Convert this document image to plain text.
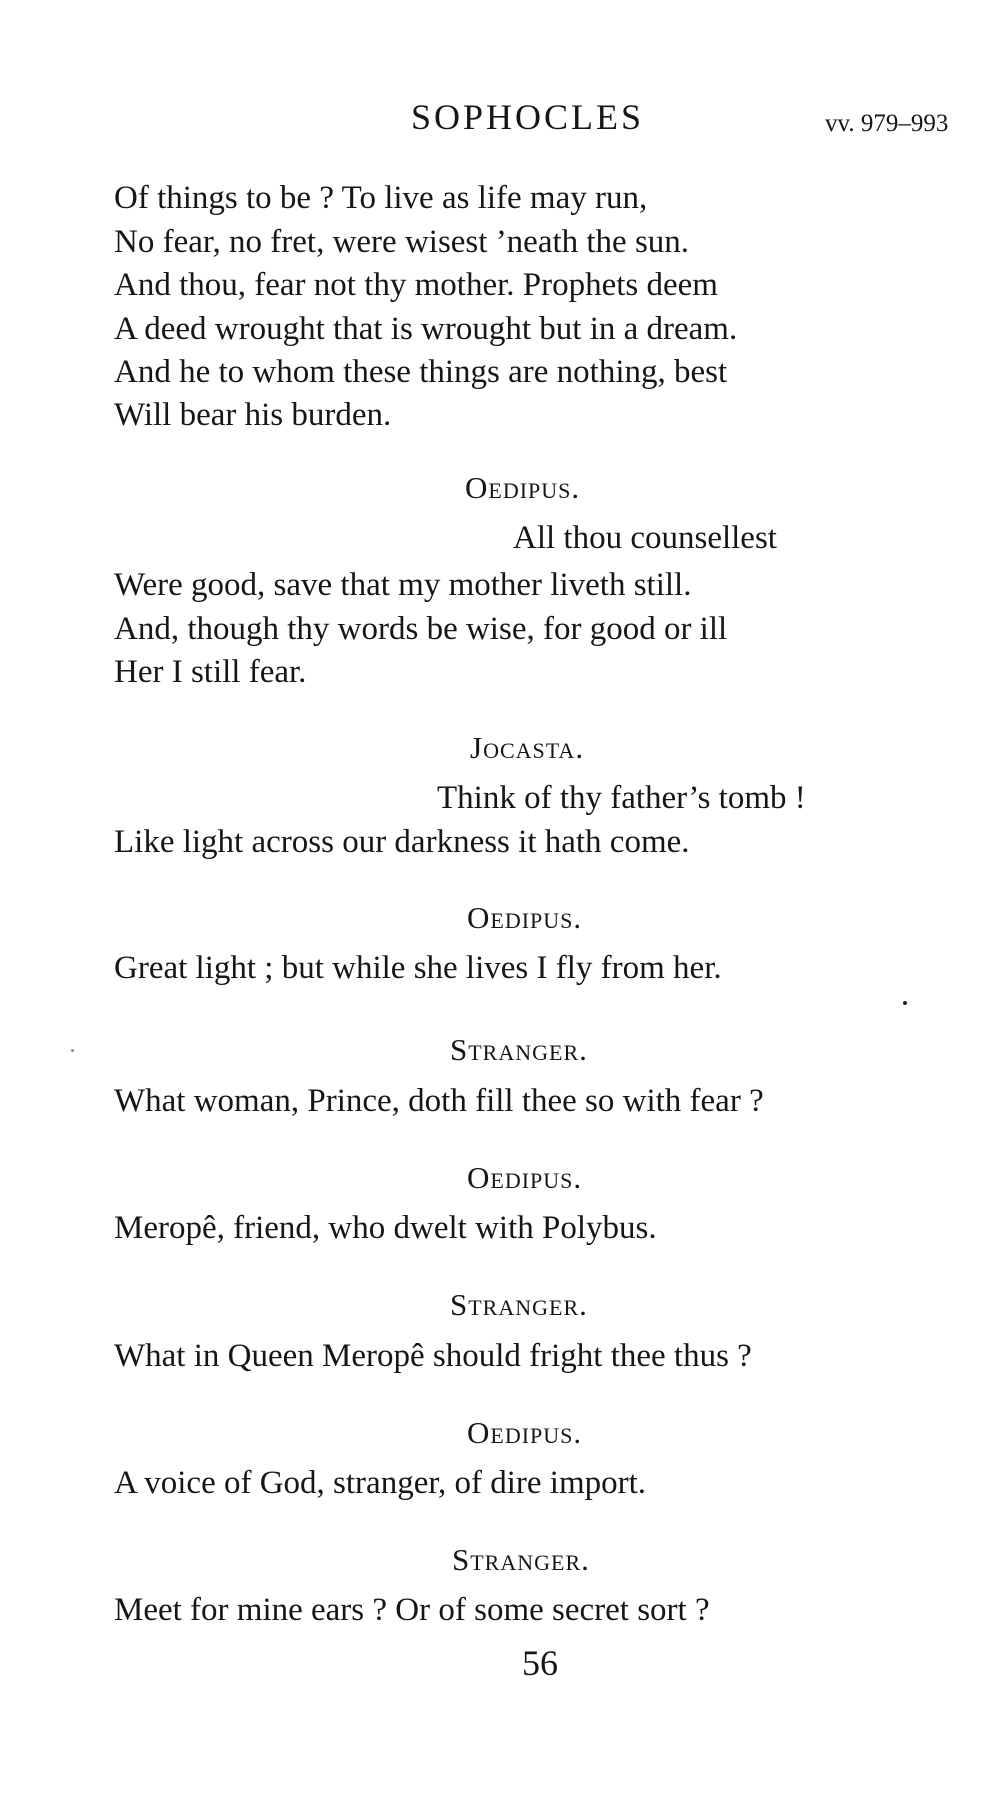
SOPHOCLES	vv. 979–993
Of things to be ? To live as life may run,
No fear, no fret, were wisest ’neath the sun.
And thou, fear not thy mother. Prophets deem
A deed wrought that is wrought but in a dream.
And he to whom these things are nothing, best
Will bear his burden.
Oedipus.
All thou counsellest
Were good, save that my mother liveth still.
And, though thy words be wise, for good or ill
Her I still fear.
Jocasta.
Think of thy father’s tomb !
Like light across our darkness it hath come.
Oedipus.
Great light ; but while she lives I fly from her.
Stranger.
What woman, Prince, doth fill thee so with fear ?
Oedipus.
Meropê, friend, who dwelt with Polybus.
Stranger.
What in Queen Meropê should fright thee thus ?
Oedipus.
A voice of God, stranger, of dire import.
Stranger.
Meet for mine ears ? Or of some secret sort ?
56
